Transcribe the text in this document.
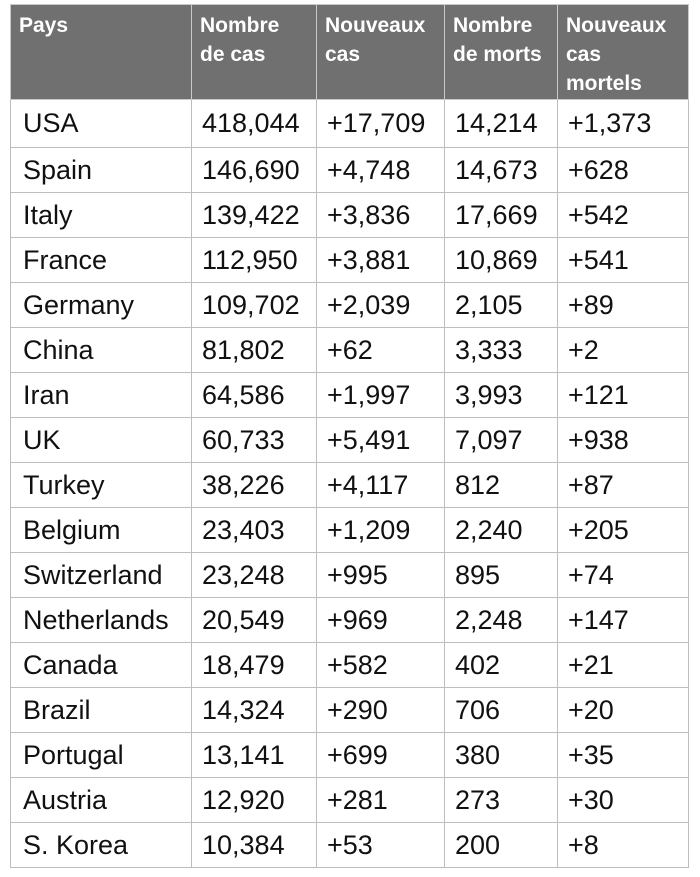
Pays	Nombre de cas	Nouveaux cas	Nombre de morts	Nouveaux cas mortels
USA	418,044	+17,709	14,214	+1,373
Spain	146,690	+4,748	14,673	+628
Italy	139,422	+3,836	17,669	+542
France	112,950	+3,881	10,869	+541
Germany	109,702	+2,039	2,105	+89
China	81,802	+62	3,333	+2
Iran	64,586	+1,997	3,993	+121
UK	60,733	+5,491	7,097	+938
Turkey	38,226	+4,117	812	+87
Belgium	23,403	+1,209	2,240	+205
Switzerland	23,248	+995	895	+74
Netherlands	20,549	+969	2,248	+147
Canada	18,479	+582	402	+21
Brazil	14,324	+290	706	+20
Portugal	13,141	+699	380	+35
Austria	12,920	+281	273	+30
S. Korea	10,384	+53	200	+8
